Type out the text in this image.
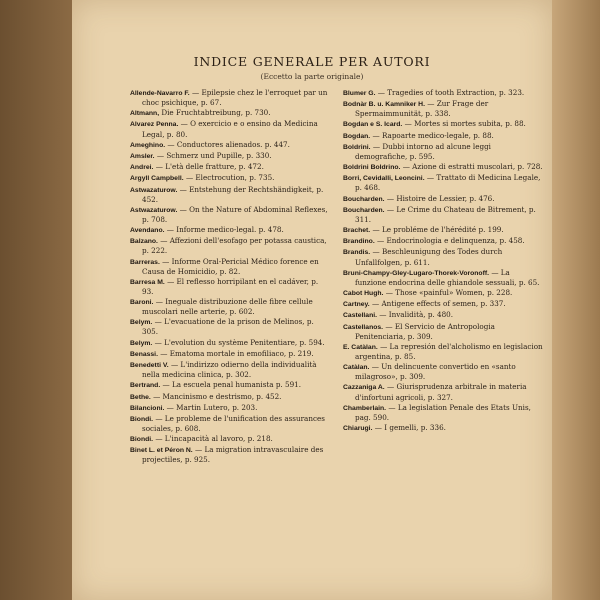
INDICE GENERALE PER AUTORI
(Eccetto la parte originale)
Allende-Navarro F. — Epilepsie chez le l'erroquet par un choc psichique, p. 67.
Altmann, Die Fruchtabtreibung, p. 730.
Alvarez Penna. — O exercicio e o ensino da Medicina Legal, p. 80.
Ameghino. — Conductores alienados. p. 447.
Amsler. — Schmerz und Pupille, p. 330.
Andrei. — L'età delle fratture, p. 472.
Argyll Campbell. — Electrocution, p. 735.
Astwazaturow. — Entstehung der Rechtshändigkeit, p. 452.
Astwazaturow. — On the Nature of Abdominal Reflexes, p. 708.
Avendano. — Informe medico-legal. p. 478.
Balzano. — Affezioni dell'esofago per potassa caustica, p. 222.
Barreras. — Informe Oral-Pericial Médico forence en Causa de Homicidio, p. 82.
Barresa M. — El reflesso horripilant en el cadáver, p. 93.
Baroni. — Ineguale distribuzione delle fibre cellule muscolari nelle arterie, p. 602.
Belym. — L'evacuatione de la prison de Melinos, p. 305.
Belym. — L'evolution du système Penitentiare, p. 594.
Benassi. — Ematoma mortale in emofiliaco, p. 219.
Benedetti V. — L'indirizzo odierno della individualità nella medicina clinica, p. 302.
Bertrand. — La escuela penal humanista p. 591.
Bethe. — Mancinismo e destrismo, p. 452.
Bilancioni. — Martin Lutero, p. 203.
Biondi. — Le probleme de l'unification des assurances sociales, p. 608.
Biondi. — L'incapacità al lavoro, p. 218.
Binet L. et Péron N. — La migration intravasculaire des projectiles, p. 925.
Blumer G. — Tragedies of tooth Extraction, p. 323.
Bodnàr B. u. Kamniker H. — Zur Frage der Spermaimmunität, p. 338.
Bogdan e S. Icard. — Mortes si mortes subita, p. 88.
Bogdan. — Rapoarte medico-legale, p. 88.
Boldrini. — Dubbi intorno ad alcune leggi demografiche, p. 595.
Boldrini Boldrino. — Azione di estratti muscolari, p. 728.
Borri, Cevidalli, Leoncini. — Trattato di Medicina Legale, p. 468.
Boucharden. — Histoire de Lessier, p. 476.
Boucharden. — Le Crime du Chateau de Bitrement, p. 311.
Brachet. — Le probléme de l'hérédité p. 199.
Brandino. — Endocrinologia e delinquenza, p. 458.
Brandis. — Beschleunigung des Todes durch Unfallfolgen, p. 611.
Bruni-Champy-Gley-Lugaro-Thorek-Voronoff. — La funzione endocrina delle ghiandole sessuali, p. 65.
Cabot Hugh. — Those «painful» Women, p. 228.
Cartney. — Antigene effects of semen, p. 337.
Castellani. — Invalidità, p. 480.
Castellanos. — El Servicio de Antropologia Penitenciaria, p. 309.
E. Catàlan. — La represión del'alcholismo en legislacion argentina, p. 85.
Catàlan. — Un delincuente convertido en «santo milagroso», p. 309.
Cazzaniga A. — Giurisprudenza arbitrale in materia d'infortuni agricoli, p. 327.
Chamberlain. — La legislation Penale des Etats Unis, pag. 590.
Chiarugi. — I gemelli, p. 336.
